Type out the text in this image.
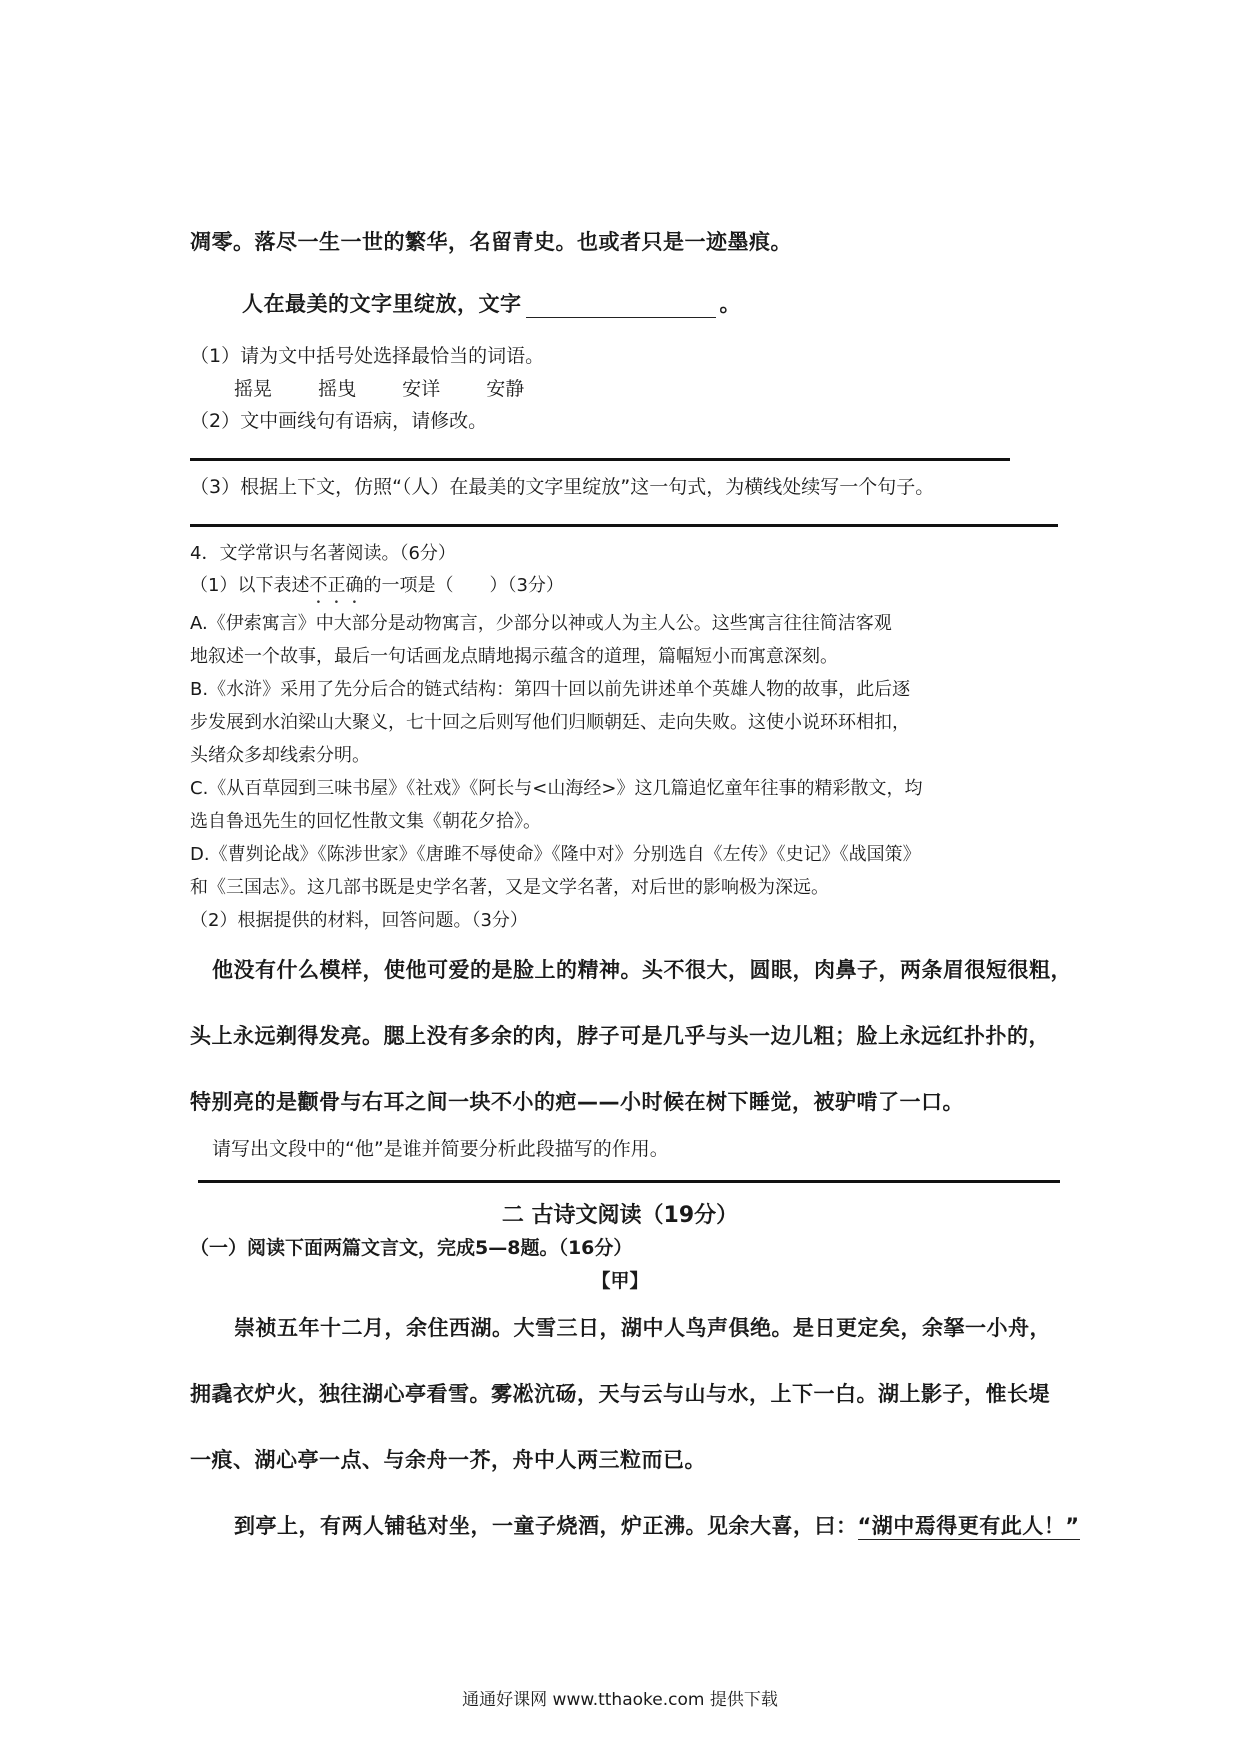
凋零。落尽一生一世的繁华，名留青史。也或者只是一迹墨痕。
人在最美的文字里绽放，文字	。
（1）请为文中括号处选择最恰当的词语。
摇晃 摇曳 安详 安静
（2）文中画线句有语病，请修改。
（3）根据上下文，仿照“（人）在最美的文字里绽放”这一句式，为横线处续写一个句子。
4．文学常识与名著阅读。（6分）
（1）以下表述不正确的一项是（　　）（3分）
A.《伊索寓言》中大部分是动物寓言，少部分以神或人为主人公。这些寓言往往简洁客观
地叙述一个故事，最后一句话画龙点睛地揭示蕴含的道理，篇幅短小而寓意深刻。
B.《水浒》采用了先分后合的链式结构：第四十回以前先讲述单个英雄人物的故事，此后逐
步发展到水泊梁山大聚义，七十回之后则写他们归顺朝廷、走向失败。这使小说环环相扣，
头绪众多却线索分明。
C.《从百草园到三味书屋》《社戏》《阿长与<山海经>》这几篇追忆童年往事的精彩散文，均
选自鲁迅先生的回忆性散文集《朝花夕拾》。
D.《曹刿论战》《陈涉世家》《唐雎不辱使命》《隆中对》分别选自《左传》《史记》《战国策》
和《三国志》。这几部书既是史学名著，又是文学名著，对后世的影响极为深远。
（2）根据提供的材料，回答问题。（3分）
他没有什么模样，使他可爱的是脸上的精神。头不很大，圆眼，肉鼻子，两条眉很短很粗，
头上永远剃得发亮。腮上没有多余的肉，脖子可是几乎与头一边儿粗；脸上永远红扑扑的，
特别亮的是颧骨与右耳之间一块不小的疤——小时候在树下睡觉，被驴啃了一口。
请写出文段中的“他”是谁并简要分析此段描写的作用。
二 古诗文阅读（19分）
（一）阅读下面两篇文言文，完成5—8题。（16分）
【甲】
崇祯五年十二月，余住西湖。大雪三日，湖中人鸟声俱绝。是日更定矣，余拏一小舟，
拥毳衣炉火，独往湖心亭看雪。雾凇沆砀，天与云与山与水，上下一白。湖上影子，惟长堤
一痕、湖心亭一点、与余舟一芥，舟中人两三粒而已。
到亭上，有两人铺毡对坐，一童子烧酒，炉正沸。见余大喜，曰：“湖中焉得更有此人！”
通通好课网 www.tthaoke.com 提供下载
